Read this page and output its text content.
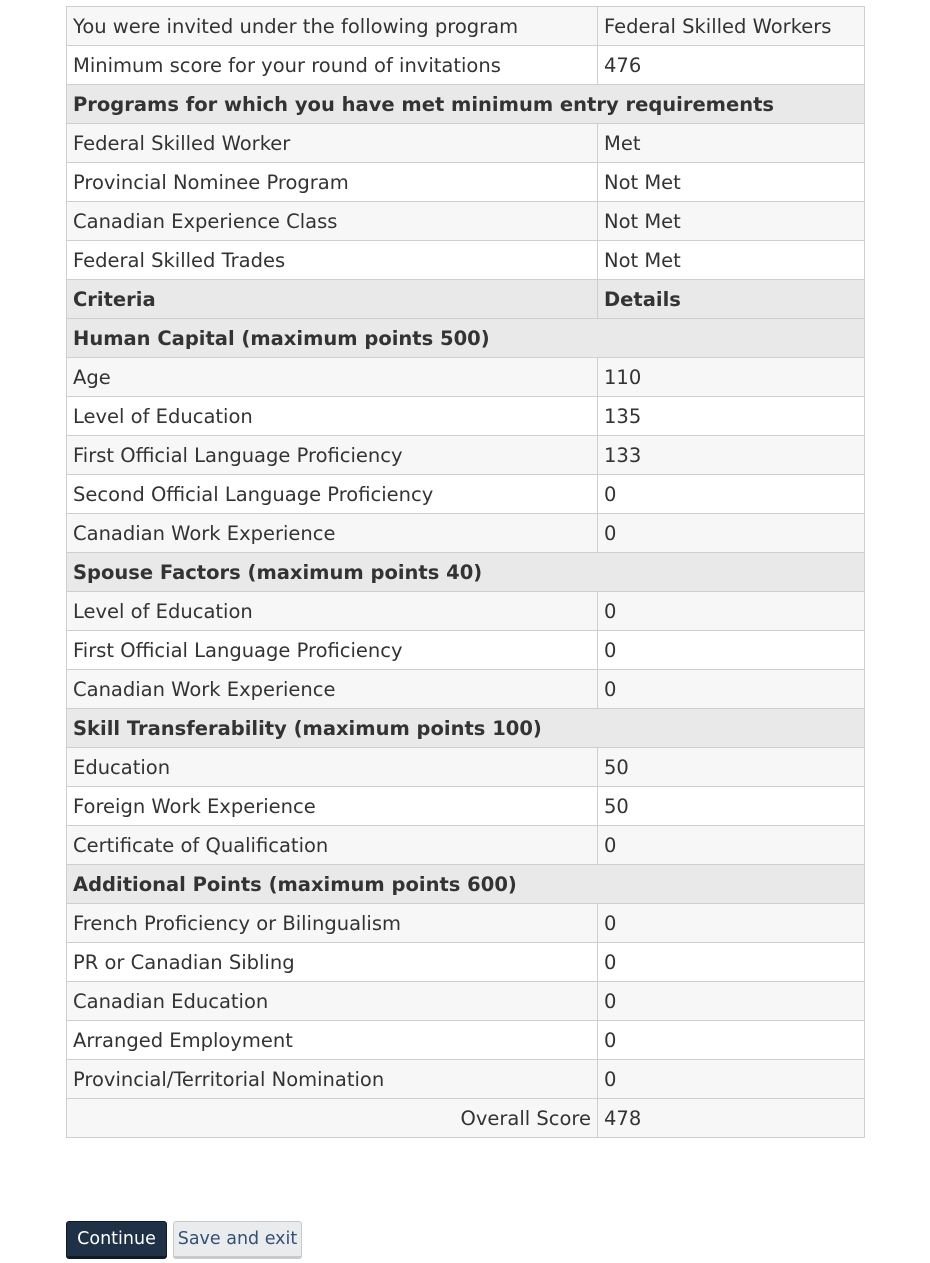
You were invited under the following program	Federal Skilled Workers
Minimum score for your round of invitations	476
Programs for which you have met minimum entry requirements	
Federal Skilled Worker	Met
Provincial Nominee Program	Not Met
Canadian Experience Class	Not Met
Federal Skilled Trades	Not Met
Criteria	Details
Human Capital (maximum points 500)	
Age	110
Level of Education	135
First Official Language Proficiency	133
Second Official Language Proficiency	0
Canadian Work Experience	0
Spouse Factors (maximum points 40)	
Level of Education	0
First Official Language Proficiency	0
Canadian Work Experience	0
Skill Transferability (maximum points 100)	
Education	50
Foreign Work Experience	50
Certificate of Qualification	0
Additional Points (maximum points 600)	
French Proficiency or Bilingualism	0
PR or Canadian Sibling	0
Canadian Education	0
Arranged Employment	0
Provincial/Territorial Nomination	0
Overall Score	478
Continue	Save and exit
